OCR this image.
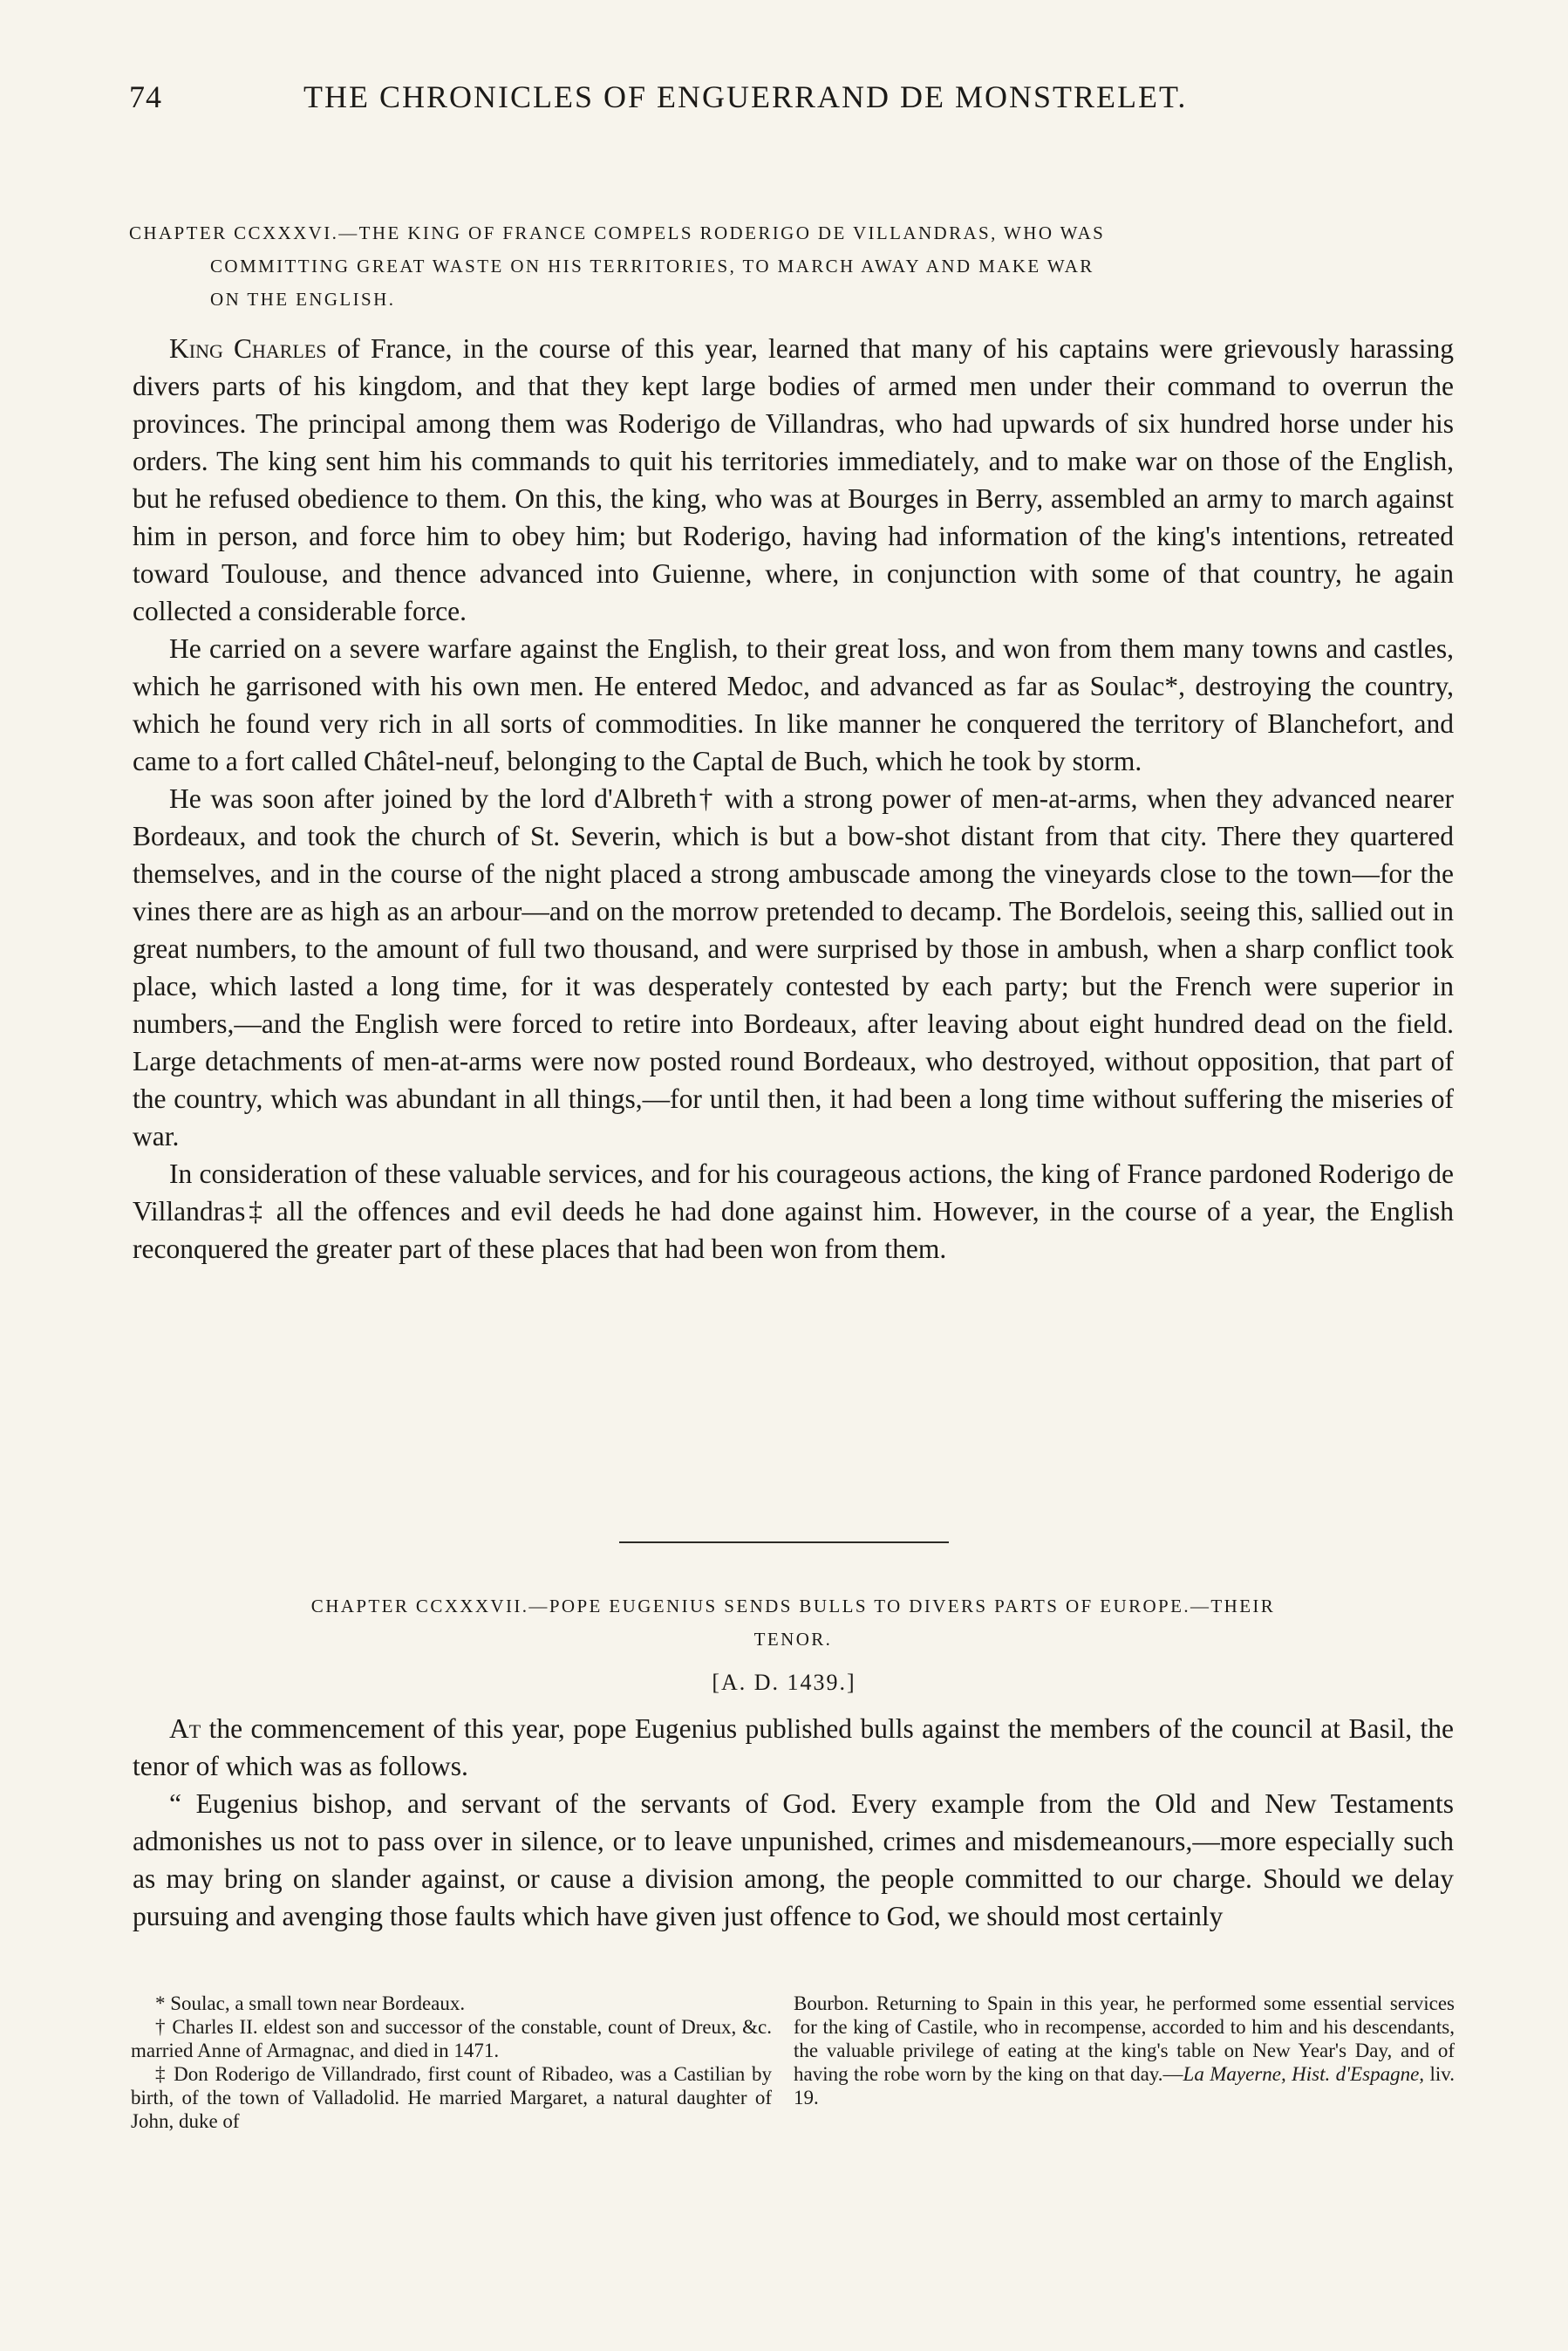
74	THE CHRONICLES OF ENGUERRAND DE MONSTRELET.
CHAPTER CCXXXVI.—THE KING OF FRANCE COMPELS RODERIGO DE VILLANDRAS, WHO WAS
COMMITTING GREAT WASTE ON HIS TERRITORIES, TO MARCH AWAY AND MAKE WAR
ON THE ENGLISH.

King Charles of France, in the course of this year, learned that many of his captains were grievously harassing divers parts of his kingdom, and that they kept large bodies of armed men under their command to overrun the provinces. The principal among them was Roderigo de Villandras, who had upwards of six hundred horse under his orders. The king sent him his commands to quit his territories immediately, and to make war on those of the English, but he refused obedience to them. On this, the king, who was at Bourges in Berry, assembled an army to march against him in person, and force him to obey him; but Roderigo, having had information of the king's intentions, retreated toward Toulouse, and thence advanced into Guienne, where, in conjunction with some of that country, he again collected a considerable force.

He carried on a severe warfare against the English, to their great loss, and won from them many towns and castles, which he garrisoned with his own men. He entered Medoc, and advanced as far as Soulac*, destroying the country, which he found very rich in all sorts of commodities. In like manner he conquered the territory of Blanchefort, and came to a fort called Châtel-neuf, belonging to the Captal de Buch, which he took by storm.

He was soon after joined by the lord d'Albreth† with a strong power of men-at-arms, when they advanced nearer Bordeaux, and took the church of St. Severin, which is but a bow-shot distant from that city. There they quartered themselves, and in the course of the night placed a strong ambuscade among the vineyards close to the town—for the vines there are as high as an arbour—and on the morrow pretended to decamp. The Bordelois, seeing this, sallied out in great numbers, to the amount of full two thousand, and were surprised by those in ambush, when a sharp conflict took place, which lasted a long time, for it was desperately contested by each party; but the French were superior in numbers,—and the English were forced to retire into Bordeaux, after leaving about eight hundred dead on the field. Large detachments of men-at-arms were now posted round Bordeaux, who destroyed, without opposition, that part of the country, which was abundant in all things,—for until then, it had been a long time without suffering the miseries of war.

In consideration of these valuable services, and for his courageous actions, the king of France pardoned Roderigo de Villandras‡ all the offences and evil deeds he had done against him. However, in the course of a year, the English reconquered the greater part of these places that had been won from them.

CHAPTER CCXXXVII.—POPE EUGENIUS SENDS BULLS TO DIVERS PARTS OF EUROPE.—THEIR
TENOR.
[A. D. 1439.]

At the commencement of this year, pope Eugenius published bulls against the members of the council at Basil, the tenor of which was as follows.

“ Eugenius bishop, and servant of the servants of God. Every example from the Old and New Testaments admonishes us not to pass over in silence, or to leave unpunished, crimes and misdemeanours,—more especially such as may bring on slander against, or cause a division among, the people committed to our charge. Should we delay pursuing and avenging those faults which have given just offence to God, we should most certainly

* Soulac, a small town near Bordeaux.

† Charles II. eldest son and successor of the constable, count of Dreux, &c. married Anne of Armagnac, and died in 1471.

‡ Don Roderigo de Villandrado, first count of Ribadeo, was a Castilian by birth, of the town of Valladolid. He married Margaret, a natural daughter of John, duke of

Bourbon. Returning to Spain in this year, he performed some essential services for the king of Castile, who in recompense, accorded to him and his descendants, the valuable privilege of eating at the king's table on New Year's Day, and of having the robe worn by the king on that day.—La Mayerne, Hist. d'Espagne, liv. 19.
